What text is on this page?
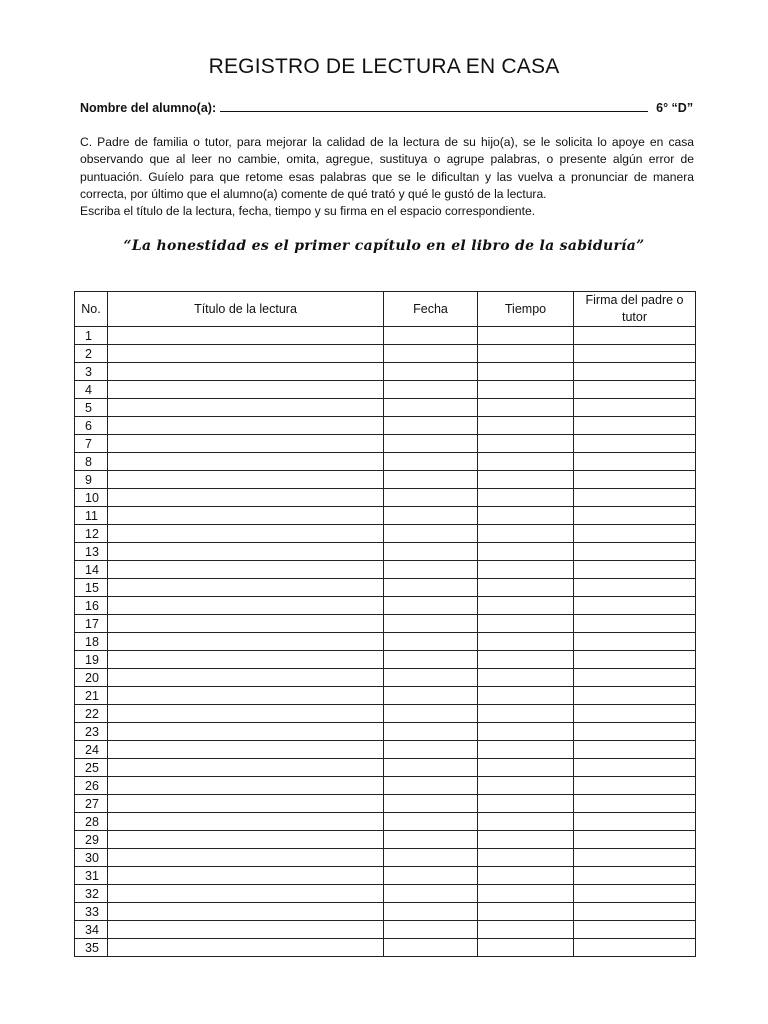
REGISTRO DE LECTURA EN CASA
Nombre del alumno(a):	6° “D”

C. Padre de familia o tutor, para mejorar la calidad de la lectura de su hijo(a), se le solicita lo apoye en casa observando que al leer no cambie, omita, agregue, sustituya o agrupe palabras, o presente algún error de puntuación. Guíelo para que retome esas palabras que se le dificultan y las vuelva a pronunciar de manera correcta, por último que el alumno(a) comente de qué trató y qué le gustó de la lectura.

Escriba el título de la lectura, fecha, tiempo y su firma en el espacio correspondiente.

“La honestidad es el primer capítulo en el libro de la sabiduría”
No.	Título de la lectura	Fecha	Tiempo	Firma del padre o tutor
1				
2				
3				
4				
5				
6				
7				
8				
9				
10				
11				
12				
13				
14				
15				
16				
17				
18				
19				
20				
21				
22				
23				
24				
25				
26				
27				
28				
29				
30				
31				
32				
33				
34				
35				
